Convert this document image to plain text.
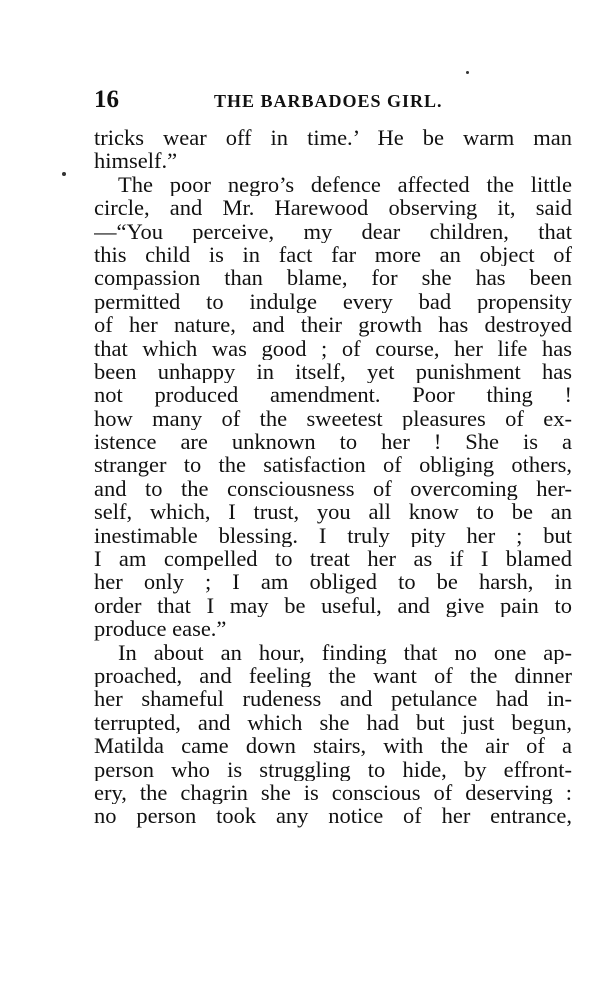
16	THE BARBADOES GIRL.
tricks wear off in time.’ He be warm man
himself.”
The poor negro’s defence affected the little
circle, and Mr. Harewood observing it, said
—“You perceive, my dear children, that
this child is in fact far more an object of
compassion than blame, for she has been
permitted to indulge every bad propensity
of her nature, and their growth has destroyed
that which was good ; of course, her life has
been unhappy in itself, yet punishment has
not produced amendment. Poor thing !
how many of the sweetest pleasures of ex-
istence are unknown to her ! She is a
stranger to the satisfaction of obliging others,
and to the consciousness of overcoming her-
self, which, I trust, you all know to be an
inestimable blessing. I truly pity her ; but
I am compelled to treat her as if I blamed
her only ; I am obliged to be harsh, in
order that I may be useful, and give pain to
produce ease.”
In about an hour, finding that no one ap-
proached, and feeling the want of the dinner
her shameful rudeness and petulance had in-
terrupted, and which she had but just begun,
Matilda came down stairs, with the air of a
person who is struggling to hide, by effront-
ery, the chagrin she is conscious of deserving :
no person took any notice of her entrance,
